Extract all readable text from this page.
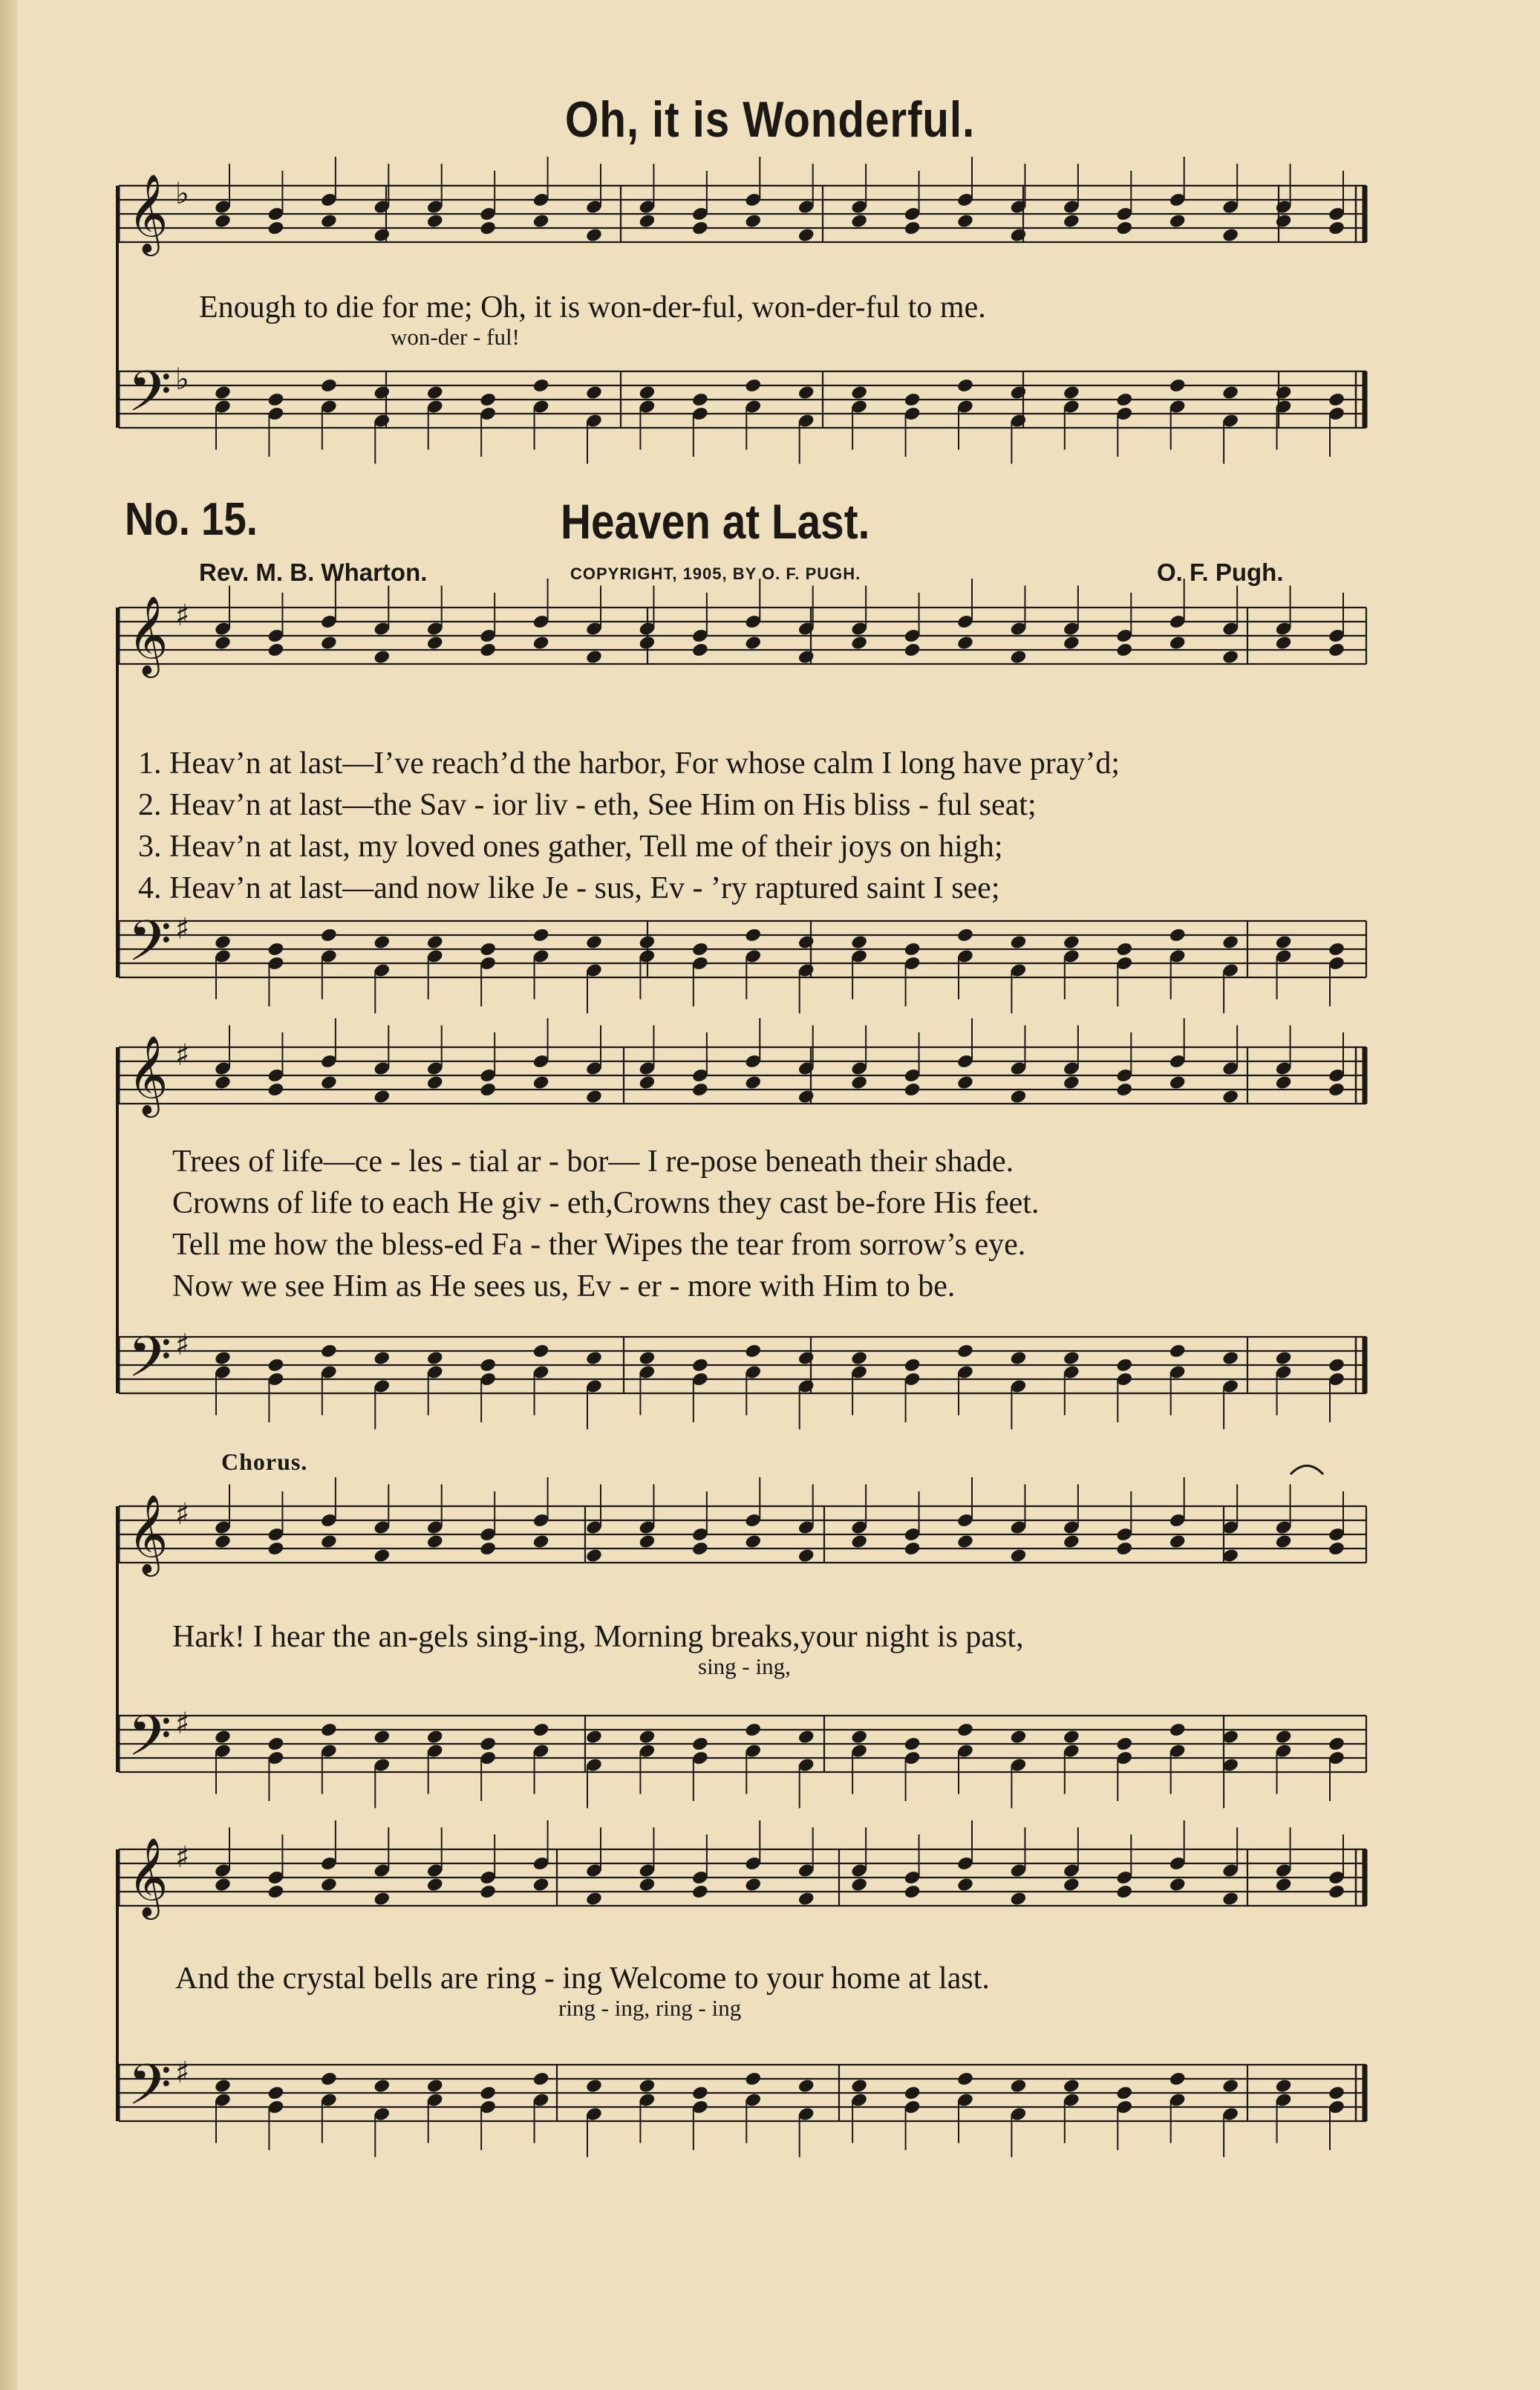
𝄞 ♭
𝄢 ♭
𝄞 ♯
𝄢 ♯
𝄞 ♯
𝄢 ♯
𝄞 ♯
𝄢 ♯
𝄞 ♯
𝄢 ♯
Oh, it is Wonderful.
Enough to die for me; Oh, it is won-der-ful, won-der-ful to me.
won-der - ful!
No. 15.	Heaven at Last.
Rev. M. B. Wharton.	COPYRIGHT, 1905, BY O. F. PUGH.	O. F. Pugh.
1. Heav’n at last—I’ve reach’d the harbor, For whose calm I long have pray’d;
2. Heav’n at last—the Sav - ior liv - eth, See Him on His bliss - ful seat;
3. Heav’n at last, my loved ones gather, Tell me of their joys on high;
4. Heav’n at last—and now like Je - sus, Ev - ’ry raptured saint I see;
Trees of life—ce - les - tial ar - bor— I re-pose beneath their shade.
Crowns of life to each He giv - eth,Crowns they cast be-fore His feet.
Tell me how the bless-ed Fa - ther Wipes the tear from sorrow’s eye.
Now we see Him as He sees us, Ev - er - more with Him to be.
Chorus.
Hark! I hear the an-gels sing-ing, Morning breaks,your night is past,
sing - ing,
And the crystal bells are ring - ing Welcome to your home at last.
ring - ing, ring - ing
